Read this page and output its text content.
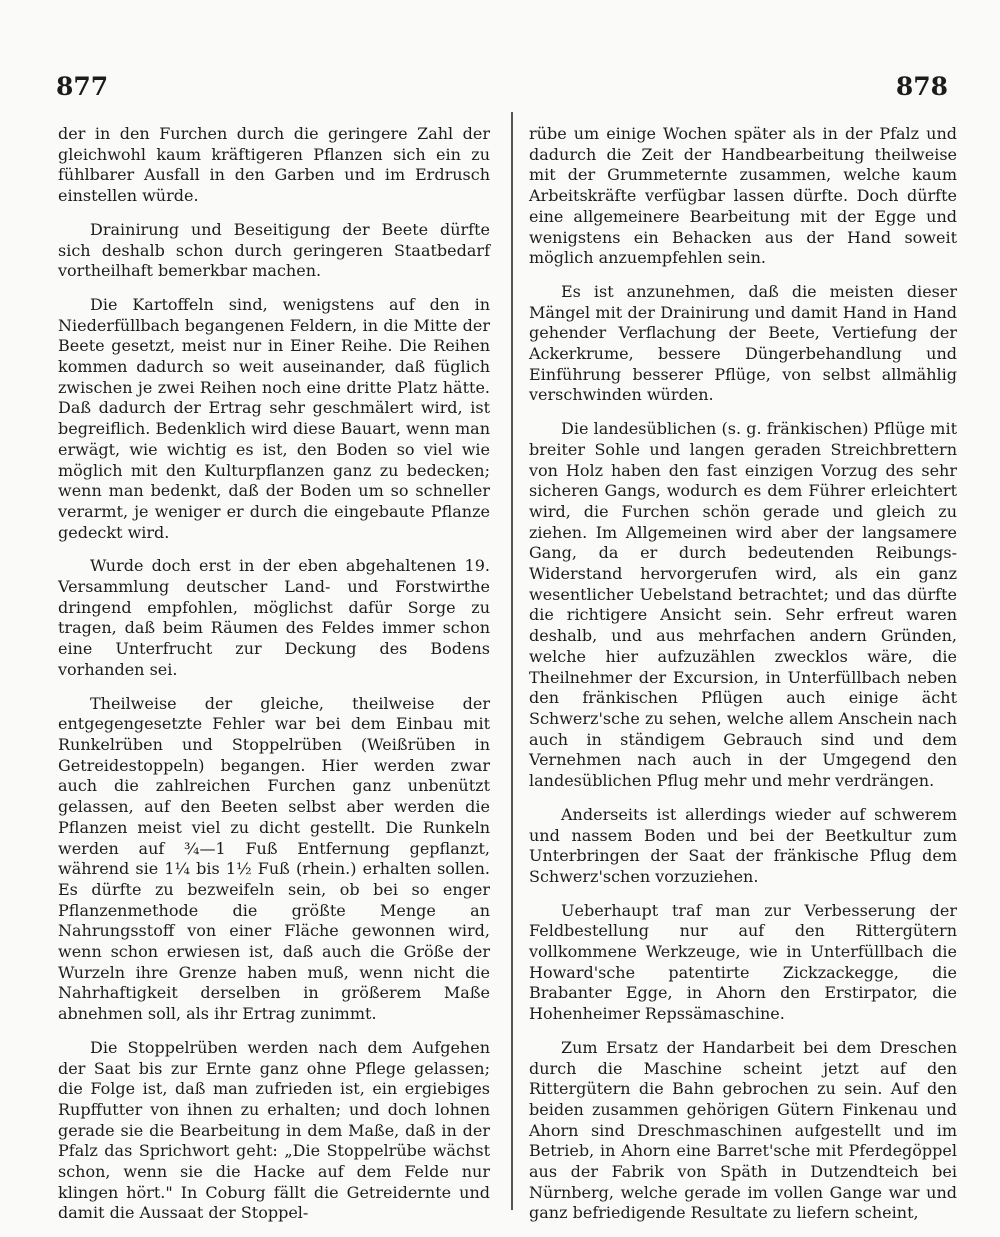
877	878

der in den Furchen durch die geringere Zahl der gleichwohl kaum kräftigeren Pflanzen sich ein zu fühlbarer Ausfall in den Garben und im Erdrusch einstellen würde.

Drainirung und Beseitigung der Beete dürfte sich deshalb schon durch geringeren Staatbedarf vortheilhaft bemerkbar machen.

Die Kartoffeln sind, wenigstens auf den in Niederfüllbach begangenen Feldern, in die Mitte der Beete gesetzt, meist nur in Einer Reihe. Die Reihen kommen dadurch so weit auseinander, daß füglich zwischen je zwei Reihen noch eine dritte Platz hätte. Daß dadurch der Ertrag sehr geschmälert wird, ist begreiflich. Bedenklich wird diese Bauart, wenn man erwägt, wie wichtig es ist, den Boden so viel wie möglich mit den Kulturpflanzen ganz zu bedecken; wenn man bedenkt, daß der Boden um so schneller verarmt, je weniger er durch die eingebaute Pflanze gedeckt wird.

Wurde doch erst in der eben abgehaltenen 19. Versammlung deutscher Land- und Forstwirthe dringend empfohlen, möglichst dafür Sorge zu tragen, daß beim Räumen des Feldes immer schon eine Unterfrucht zur Deckung des Bodens vorhanden sei.

Theilweise der gleiche, theilweise der entgegengesetzte Fehler war bei dem Einbau mit Runkelrüben und Stoppelrüben (Weißrüben in Getreidestoppeln) begangen. Hier werden zwar auch die zahlreichen Furchen ganz unbenützt gelassen, auf den Beeten selbst aber werden die Pflanzen meist viel zu dicht gestellt. Die Runkeln werden auf ¾—1 Fuß Entfernung gepflanzt, während sie 1¼ bis 1½ Fuß (rhein.) erhalten sollen. Es dürfte zu bezweifeln sein, ob bei so enger Pflanzenmethode die größte Menge an Nahrungsstoff von einer Fläche gewonnen wird, wenn schon erwiesen ist, daß auch die Größe der Wurzeln ihre Grenze haben muß, wenn nicht die Nahrhaftigkeit derselben in größerem Maße abnehmen soll, als ihr Ertrag zunimmt.

Die Stoppelrüben werden nach dem Aufgehen der Saat bis zur Ernte ganz ohne Pflege gelassen; die Folge ist, daß man zufrieden ist, ein ergiebiges Rupffutter von ihnen zu erhalten; und doch lohnen gerade sie die Bearbeitung in dem Maße, daß in der Pfalz das Sprichwort geht: „Die Stoppelrübe wächst schon, wenn sie die Hacke auf dem Felde nur klingen hört." In Coburg fällt die Getreidernte und damit die Aussaat der Stoppel-

rübe um einige Wochen später als in der Pfalz und dadurch die Zeit der Handbearbeitung theilweise mit der Grummeternte zusammen, welche kaum Arbeitskräfte verfügbar lassen dürfte. Doch dürfte eine allgemeinere Bearbeitung mit der Egge und wenigstens ein Behacken aus der Hand soweit möglich anzuempfehlen sein.

Es ist anzunehmen, daß die meisten dieser Mängel mit der Drainirung und damit Hand in Hand gehender Verflachung der Beete, Vertiefung der Ackerkrume, bessere Düngerbehandlung und Einführung besserer Pflüge, von selbst allmählig verschwinden würden.

Die landesüblichen (s. g. fränkischen) Pflüge mit breiter Sohle und langen geraden Streichbrettern von Holz haben den fast einzigen Vorzug des sehr sicheren Gangs, wodurch es dem Führer erleichtert wird, die Furchen schön gerade und gleich zu ziehen. Im Allgemeinen wird aber der langsamere Gang, da er durch bedeutenden Reibungs-Widerstand hervorgerufen wird, als ein ganz wesentlicher Uebelstand betrachtet; und das dürfte die richtigere Ansicht sein. Sehr erfreut waren deshalb, und aus mehrfachen andern Gründen, welche hier aufzuzählen zwecklos wäre, die Theilnehmer der Excursion, in Unterfüllbach neben den fränkischen Pflügen auch einige ächt Schwerz'sche zu sehen, welche allem Anschein nach auch in ständigem Gebrauch sind und dem Vernehmen nach auch in der Umgegend den landesüblichen Pflug mehr und mehr verdrängen.

Anderseits ist allerdings wieder auf schwerem und nassem Boden und bei der Beetkultur zum Unterbringen der Saat der fränkische Pflug dem Schwerz'schen vorzuziehen.

Ueberhaupt traf man zur Verbesserung der Feldbestellung nur auf den Rittergütern vollkommene Werkzeuge, wie in Unterfüllbach die Howard'sche patentirte Zickzackegge, die Brabanter Egge, in Ahorn den Erstirpator, die Hohenheimer Repssämaschine.

Zum Ersatz der Handarbeit bei dem Dreschen durch die Maschine scheint jetzt auf den Rittergütern die Bahn gebrochen zu sein. Auf den beiden zusammen gehörigen Gütern Finkenau und Ahorn sind Dreschmaschinen aufgestellt und im Betrieb, in Ahorn eine Barret'sche mit Pferdegöppel aus der Fabrik von Späth in Dutzendteich bei Nürnberg, welche gerade im vollen Gange war und ganz befriedigende Resultate zu liefern scheint,
